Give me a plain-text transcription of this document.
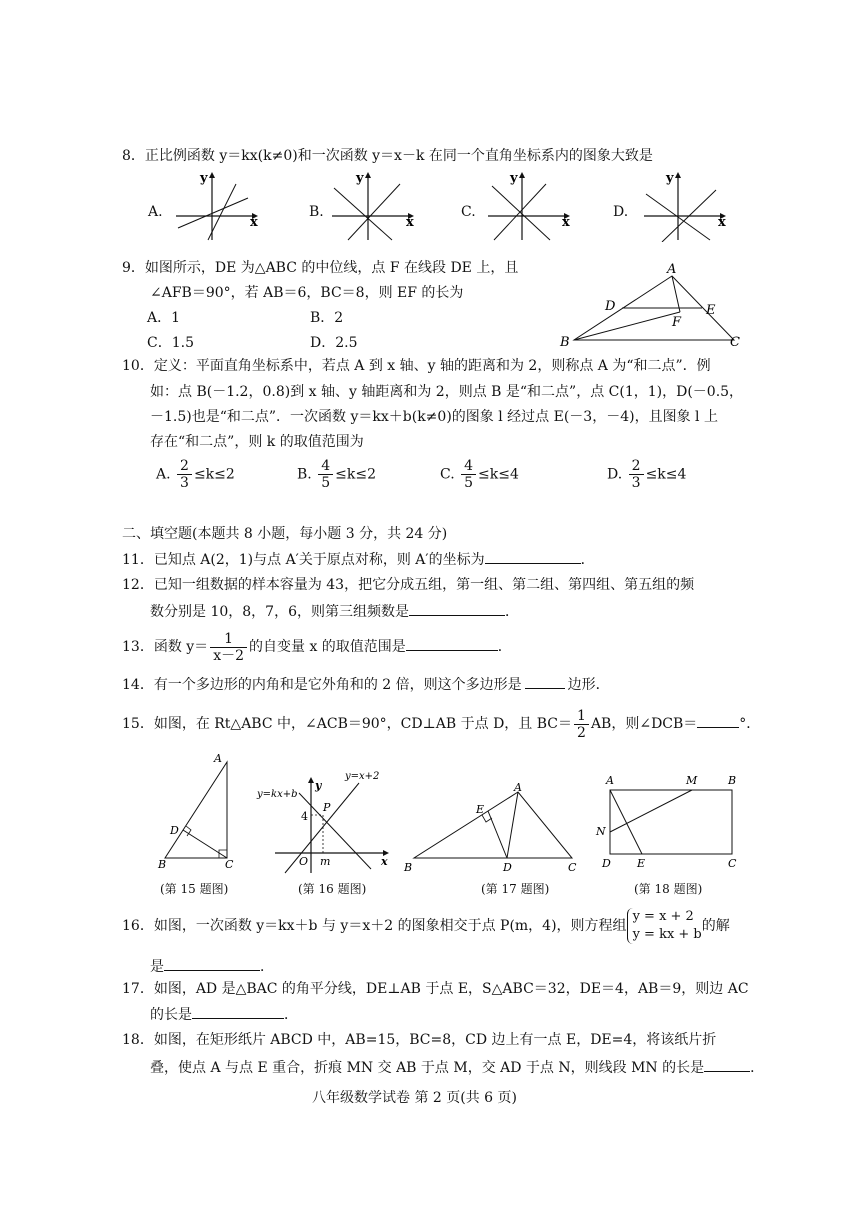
8．正比例函数 y＝kx(k≠0)和一次函数 y＝x－k 在同一个直角坐标系内的图象大致是
A.
y
x
B.
y
x
C.
y
x
D.
y
x
9．如图所示，DE 为△ABC 的中位线，点 F 在线段 DE 上，且
∠AFB＝90°，若 AB＝6，BC＝8，则 EF 的长为
A．1	B．2
C．1.5	D．2.5
A
D	E
F
B	C
10．定义：平面直角坐标系中，若点 A 到 x 轴、y 轴的距离和为 2，则称点 A 为“和二点”．例
如：点 B(－1.2，0.8)到 x 轴、y 轴距离和为 2，则点 B 是“和二点”，点 C(1，1)，D(－0.5，
－1.5)也是“和二点”．一次函数 y＝kx＋b(k≠0)的图象 l 经过点 E(－3，－4)，且图象 l 上
存在“和二点”，则 k 的取值范围为
A. $\frac{2}{3} \le k\le 2$	B. $\frac{4}{5} \le k\le 2$	C. $\frac{4}{5} \le k\le 4$	D. $\frac{2}{3} \le k\le 4$
二、填空题(本题共 8 小题，每小题 3 分，共 24 分)
11．已知点 A(2，1)与点 A′关于原点对称，则 A′的坐标为	．
12．已知一组数据的样本容量为 43，把它分成五组，第一组、第二组、第四组、第五组的频
数分别是 10，8，7，6，则第三组频数是	．
13．函数 $y= \frac{1}{x-2}$ 的自变量 x 的取值范围是	．
14．有一个多边形的内角和是它外角和的 2 倍，则这个多边形是	边形．
15．如图，在 Rt△ABC 中，∠ACB＝90°，CD⊥AB 于点 D，且 $BC= \frac{1}{2}$ AB，则∠DCB＝	°．
A
D
B	C
(第 15 题图)
y=x+2
y=kx+b
y
P
4
O m	x
(第 16 题图)
A
E
B	D	C
(第 17 题图)
A	M	B
N
D E	C
(第 18 题图)
16．如图，一次函数 y＝kx＋b 与 y＝x＋2 的图象相交于点 P(m，4)，则方程组
y = x + 2
y = kx + b
的解
是	．
17．如图，AD 是△BAC 的角平分线，DE⊥AB 于点 E，S△ABC＝32，DE＝4，AB＝9，则边 AC
的长是	．
18．如图，在矩形纸片 ABCD 中，AB=15，BC=8，CD 边上有一点 E，DE=4，将该纸片折
叠，使点 A 与点 E 重合，折痕 MN 交 AB 于点 M，交 AD 于点 N，则线段 MN 的长是	．
八年级数学试卷 第 2 页(共 6 页)
